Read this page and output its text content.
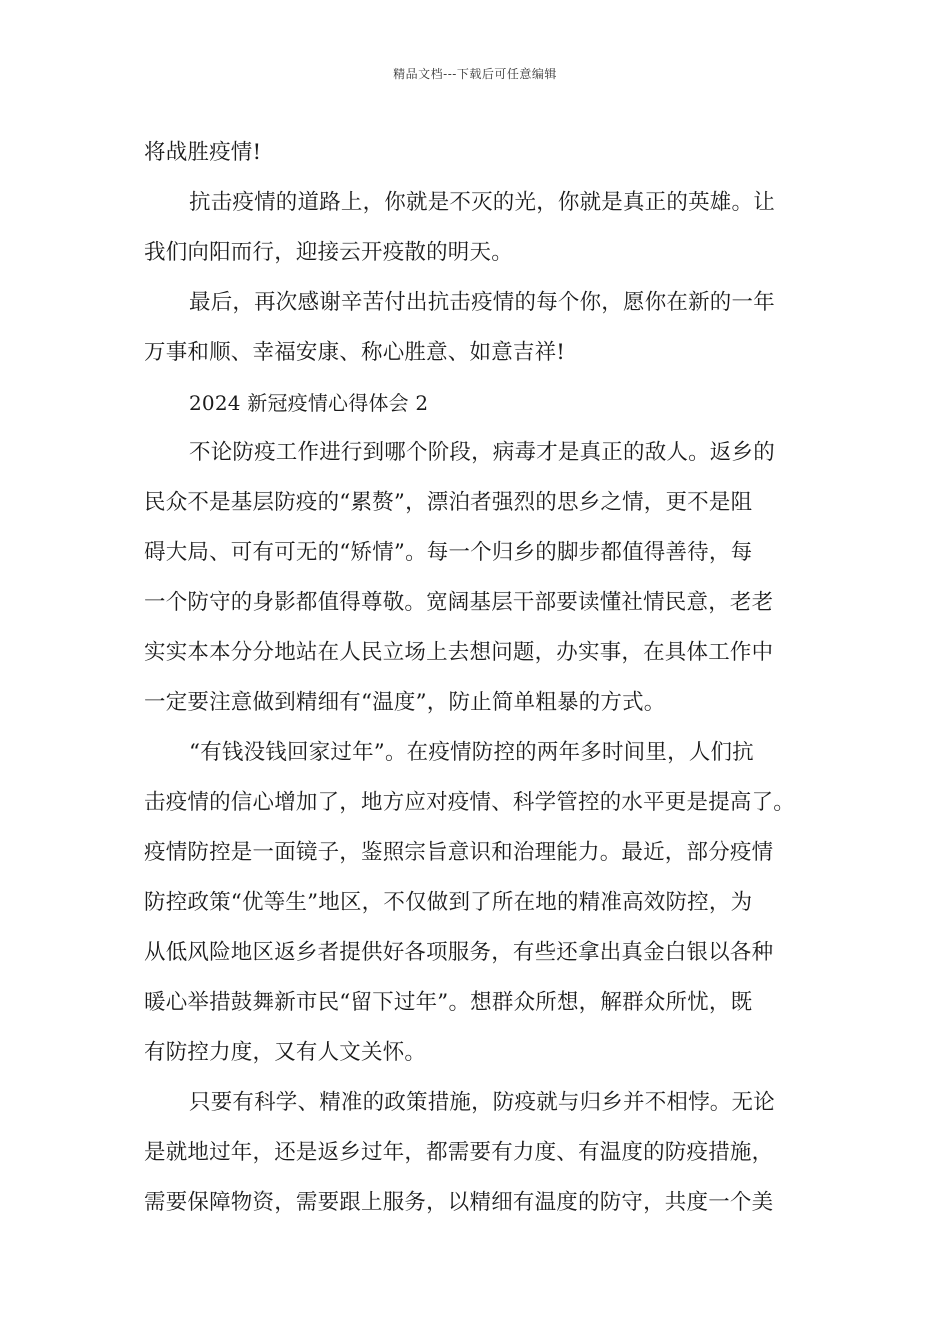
精品文档---下载后可任意编辑
将战胜疫情!
抗击疫情的道路上，你就是不灭的光，你就是真正的英雄。让
我们向阳而行，迎接云开疫散的明天。
最后，再次感谢辛苦付出抗击疫情的每个你，愿你在新的一年
万事和顺、幸福安康、称心胜意、如意吉祥!
2024 新冠疫情心得体会 2
不论防疫工作进行到哪个阶段，病毒才是真正的敌人。返乡的
民众不是基层防疫的“累赘”，漂泊者强烈的思乡之情，更不是阻
碍大局、可有可无的“矫情”。每一个归乡的脚步都值得善待，每
一个防守的身影都值得尊敬。宽阔基层干部要读懂社情民意，老老
实实本本分分地站在人民立场上去想问题，办实事，在具体工作中
一定要注意做到精细有“温度”，防止简单粗暴的方式。
“有钱没钱回家过年”。在疫情防控的两年多时间里，人们抗
击疫情的信心增加了，地方应对疫情、科学管控的水平更是提高了。
疫情防控是一面镜子，鉴照宗旨意识和治理能力。最近，部分疫情
防控政策“优等生”地区，不仅做到了所在地的精准高效防控，为
从低风险地区返乡者提供好各项服务，有些还拿出真金白银以各种
暖心举措鼓舞新市民“留下过年”。想群众所想，解群众所忧，既
有防控力度，又有人文关怀。
只要有科学、精准的政策措施，防疫就与归乡并不相悖。无论
是就地过年，还是返乡过年，都需要有力度、有温度的防疫措施，
需要保障物资，需要跟上服务，以精细有温度的防守，共度一个美
